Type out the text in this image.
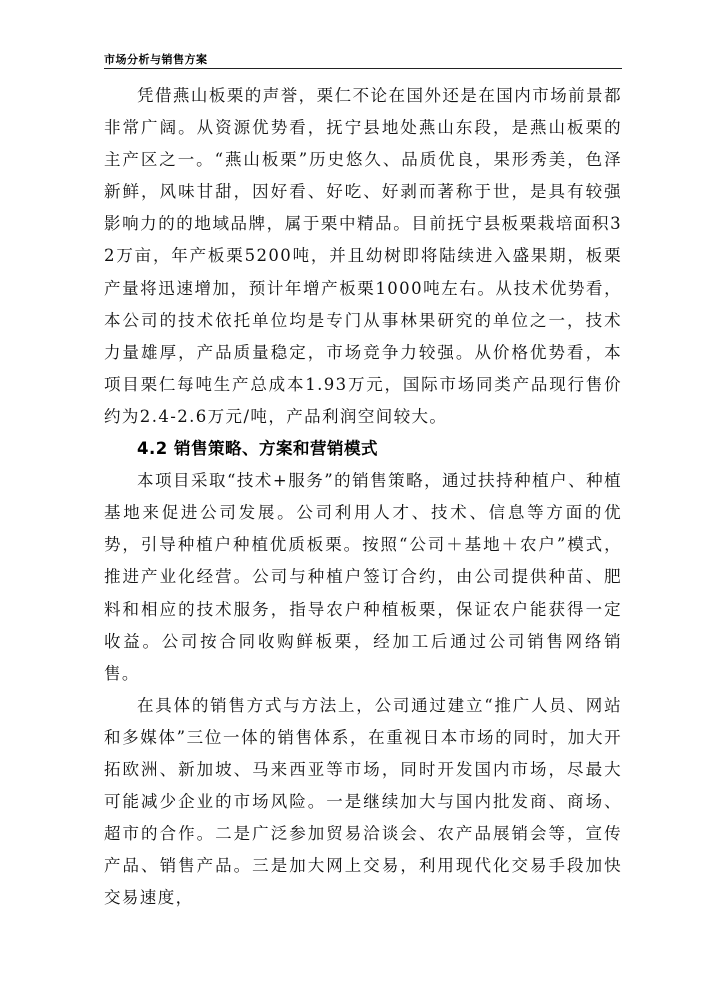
市场分析与销售方案

凭借燕山板栗的声誉，栗仁不论在国外还是在国内市场前景都非常广阔。从资源优势看，抚宁县地处燕山东段，是燕山板栗的主产区之一。“燕山板栗”历史悠久、品质优良，果形秀美，色泽新鲜，风味甘甜，因好看、好吃、好剥而著称于世，是具有较强影响力的的地域品牌，属于栗中精品。目前抚宁县板栗栽培面积32万亩，年产板栗5200吨，并且幼树即将陆续进入盛果期，板栗产量将迅速增加，预计年增产板栗1000吨左右。从技术优势看，本公司的技术依托单位均是专门从事林果研究的单位之一，技术力量雄厚，产品质量稳定，市场竞争力较强。从价格优势看，本项目栗仁每吨生产总成本1.93万元，国际市场同类产品现行售价约为2.4-2.6万元/吨，产品利润空间较大。

4.2 销售策略、方案和营销模式

本项目采取“技术+服务”的销售策略，通过扶持种植户、种植基地来促进公司发展。公司利用人才、技术、信息等方面的优势，引导种植户种植优质板栗。按照“公司＋基地＋农户”模式，推进产业化经营。公司与种植户签订合约，由公司提供种苗、肥料和相应的技术服务，指导农户种植板栗，保证农户能获得一定收益。公司按合同收购鲜板栗，经加工后通过公司销售网络销售。

在具体的销售方式与方法上，公司通过建立“推广人员、网站和多媒体”三位一体的销售体系，在重视日本市场的同时，加大开拓欧洲、新加坡、马来西亚等市场，同时开发国内市场，尽最大可能减少企业的市场风险。一是继续加大与国内批发商、商场、超市的合作。二是广泛参加贸易洽谈会、农产品展销会等，宣传产品、销售产品。三是加大网上交易，利用现代化交易手段加快交易速度，
